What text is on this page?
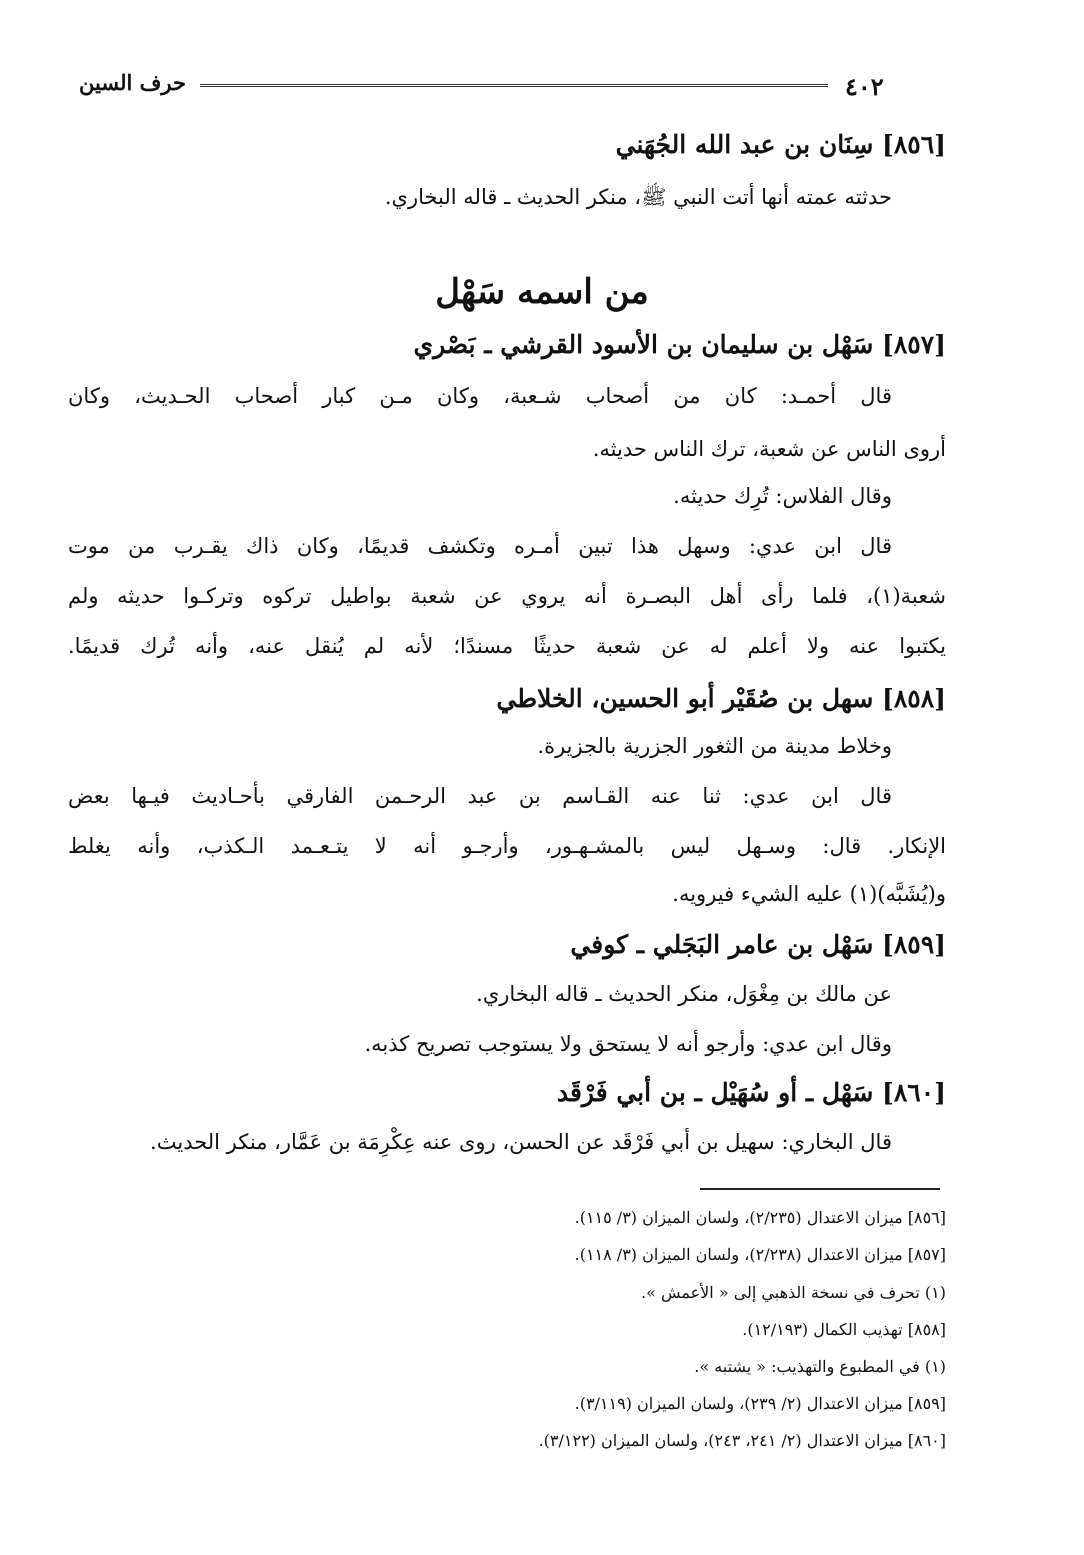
حرف السين	٤٠٢
[٨٥٦] سِنَان بن عبد الله الجُهَني
حدثته عمته أنها أتت النبي ﷺ، منكر الحديث ـ قاله البخاري.
من اسمه سَهْل
[٨٥٧] سَهْل بن سليمان بن الأسود القرشي ـ بَصْري
قال أحمـد: كان من أصحاب شـعبة، وكان مـن كبار أصحاب الحـديث، وكان
أروى الناس عن شعبة، ترك الناس حديثه.
وقال الفلاس: تُرِك حديثه.
قال ابن عدي: وسهل هذا تبين أمـره وتكشف قديمًا، وكان ذاك يقـرب من موت
شعبة(١)، فلما رأى أهل البصـرة أنه يروي عن شعبة بواطيل تركوه وتركـوا حديثه ولم
يكتبوا عنه ولا أعلم له عن شعبة حديثًا مسندًا؛ لأنه لم يُنقل عنه، وأنه تُرك قديمًا.
[٨٥٨] سهل بن صُقَيْر أبو الحسين، الخلاطي
وخلاط مدينة من الثغور الجزرية بالجزيرة.
قال ابن عدي: ثنا عنه القـاسم بن عبد الرحـمن الفارقي بأحـاديث فيـها بعض
الإنكار. قال: وسـهل ليس بالمشـهـور، وأرجـو أنه لا يتـعـمد الـكذب، وأنه يغلط
و(يُشَبَّه)(١) عليه الشيء فيرويه.
[٨٥٩] سَهْل بن عامر البَجَلي ـ كوفي
عن مالك بن مِغْوَل، منكر الحديث ـ قاله البخاري.
وقال ابن عدي: وأرجو أنه لا يستحق ولا يستوجب تصريح كذبه.
[٨٦٠] سَهْل ـ أو سُهَيْل ـ بن أبي فَرْقَد
قال البخاري: سهيل بن أبي فَرْقَد عن الحسن، روى عنه عِكْرِمَة بن عَمَّار، منكر الحديث.
[٨٥٦] ميزان الاعتدال (٢/٢٣٥)، ولسان الميزان (٣/ ١١٥).
[٨٥٧] ميزان الاعتدال (٢/٢٣٨)، ولسان الميزان (٣/ ١١٨).
(١) تحرف في نسخة الذهبي إلى « الأعمش ».
[٨٥٨] تهذيب الكمال (١٢/١٩٣).
(١) في المطبوع والتهذيب: « يشتبه ».
[٨٥٩] ميزان الاعتدال (٢/ ٢٣٩)، ولسان الميزان (٣/١١٩).
[٨٦٠] ميزان الاعتدال (٢/ ٢٤١، ٢٤٣)، ولسان الميزان (٣/١٢٢).
